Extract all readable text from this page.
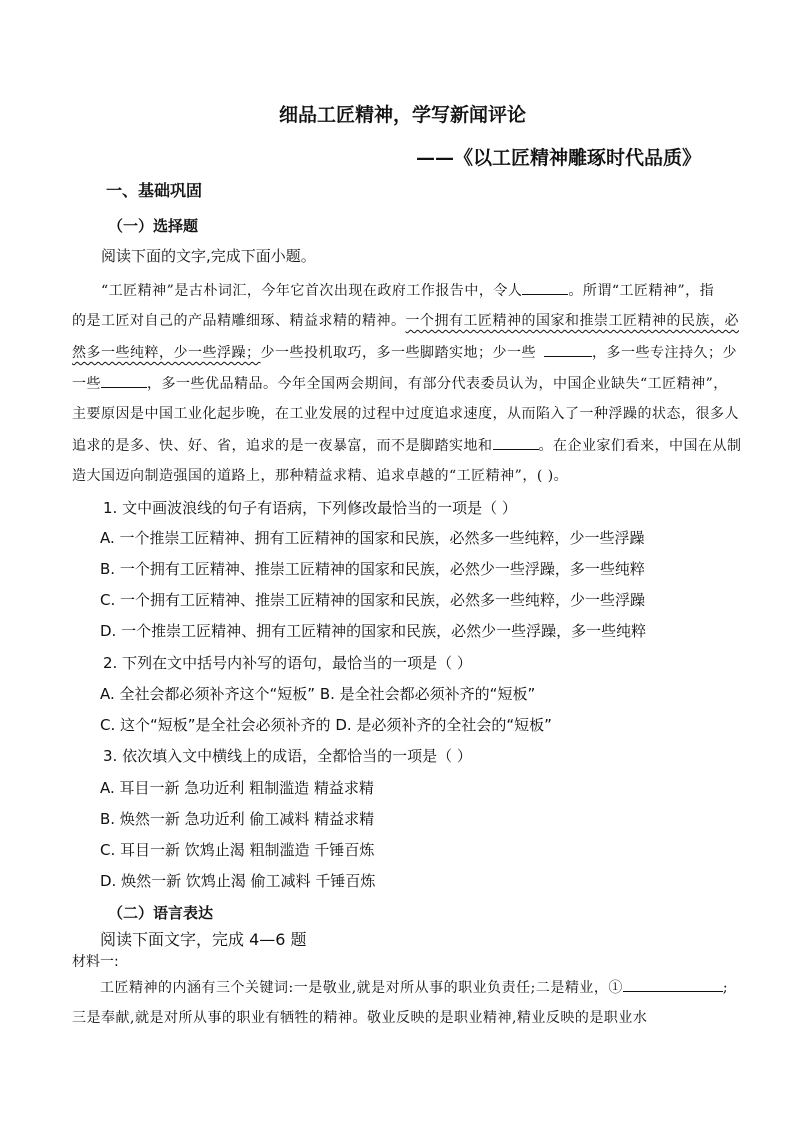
细品工匠精神，学写新闻评论
——《以工匠精神雕琢时代品质》
一、基础巩固
（一）选择题
阅读下面的文字,完成下面小题。
“工匠精神”是古朴词汇，今年它首次出现在政府工作报告中，令人	。所谓“工匠精神”，指
的是工匠对自己的产品精雕细琢、精益求精的精神。一个拥有工匠精神的国家和推崇工匠精神的民族，必
然多一些纯粹，少一些浮躁；少一些投机取巧，多一些脚踏实地；少一些	，多一些专注持久；少
一些	，多一些优品精品。今年全国两会期间，有部分代表委员认为，中国企业缺失“工匠精神”，
主要原因是中国工业化起步晚，在工业发展的过程中过度追求速度，从而陷入了一种浮躁的状态，很多人
追求的是多、快、好、省，追求的是一夜暴富，而不是脚踏实地和	。在企业家们看来，中国在从制
造大国迈向制造强国的道路上，那种精益求精、追求卓越的“工匠精神”，( )。
1. 文中画波浪线的句子有语病，下列修改最恰当的一项是（ ）
A. 一个推崇工匠精神、拥有工匠精神的国家和民族，必然多一些纯粹，少一些浮躁
B. 一个拥有工匠精神、推崇工匠精神的国家和民族，必然少一些浮躁，多一些纯粹
C. 一个拥有工匠精神、推崇工匠精神的国家和民族，必然多一些纯粹，少一些浮躁
D. 一个推崇工匠精神、拥有工匠精神的国家和民族，必然少一些浮躁，多一些纯粹
2. 下列在文中括号内补写的语句，最恰当的一项是（ ）
A. 全社会都必须补齐这个“短板” B. 是全社会都必须补齐的“短板”
C. 这个“短板”是全社会必须补齐的 D. 是必须补齐的全社会的“短板”
3. 依次填入文中横线上的成语，全都恰当的一项是（ ）
A. 耳目一新 急功近利 粗制滥造 精益求精
B. 焕然一新 急功近利 偷工减料 精益求精
C. 耳目一新 饮鸩止渴 粗制滥造 千锤百炼
D. 焕然一新 饮鸩止渴 偷工减料 千锤百炼
（二）语言表达
阅读下面文字，完成 4—6 题
材料一:
工匠精神的内涵有三个关键词:一是敬业,就是对所从事的职业负责任;二是精业，①	;
三是奉献,就是对所从事的职业有牺牲的精神。敬业反映的是职业精神,精业反映的是职业水
